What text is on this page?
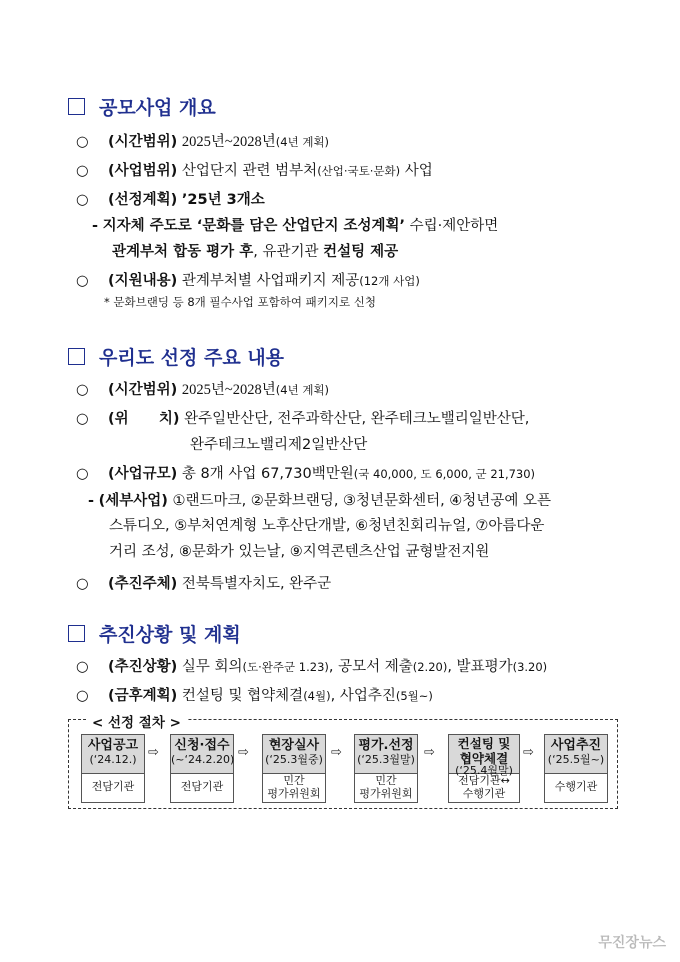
공모사업 개요
○ (시간범위) 2025년~2028년(4년 계획)
○ (사업범위) 산업단지 관련 범부처(산업·국토·문화) 사업
○ (선정계획) ’25년 3개소
- 지자체 주도로 ‘문화를 담은 산업단지 조성계획’ 수립·제안하면
관계부처 합동 평가 후, 유관기관 컨설팅 제공
○ (지원내용) 관계부처별 사업패키지 제공(12개 사업)
* 문화브랜딩 등 8개 필수사업 포함하여 패키지로 신청
우리도 선정 주요 내용
○ (시간범위) 2025년~2028년(4년 계획)
○ (위      치) 완주일반산단, 전주과학산단, 완주테크노밸리일반산단,
완주테크노밸리제2일반산단
○ (사업규모) 총 8개 사업 67,730백만원(국 40,000, 도 6,000, 군 21,730)
- (세부사업) ①랜드마크, ②문화브랜딩, ③청년문화센터, ④청년공예 오픈
스튜디오, ⑤부처연계형 노후산단개발, ⑥청년친회리뉴얼, ⑦아름다운
거리 조성, ⑧문화가 있는날, ⑨지역콘텐츠산업 균형발전지원
○ (추진주체) 전북특별자치도, 완주군
추진상황 및 계획
○ (추진상황) 실무 회의(도·완주군 1.23), 공모서 제출(2.20), 발표평가(3.20)
○ (금후계획) 컨설팅 및 협약체결(4월), 사업추진(5월~)
< 선정 절차 >
사업공고
(‘24.12.)
전담기관
⇨ 신청·접수
(~‘24.2.20)
전담기관
⇨	현장실사
(‘25.3월중)
민간
평가위원회
⇨ 평가.선정
(‘25.3월말)
민간
평가위원회
⇨
컨설팅 및
협약체결
(‘25.4월말)
전담기관↔
수행기관
⇨	사업추진
(‘25.5월~)
수행기관
무진장뉴스
